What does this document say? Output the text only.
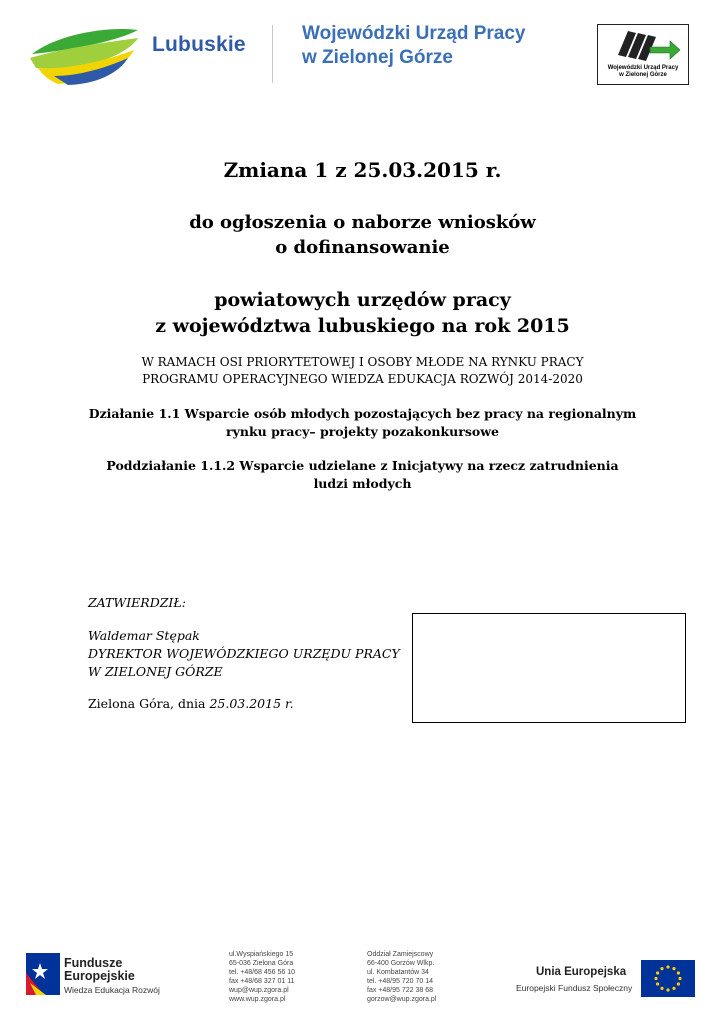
Lubuskie	Wojewódzki Urząd Pracy
w Zielonej Górze	Wojewódzki Urząd Pracy
w Zielonej Górze
Zmiana 1 z 25.03.2015 r.
do ogłoszenia o naborze wniosków
o dofinansowanie
powiatowych urzędów pracy
z województwa lubuskiego na rok 2015
W RAMACH OSI PRIORYTETOWEJ I OSOBY MŁODE NA RYNKU PRACY
PROGRAMU OPERACYJNEGO WIEDZA EDUKACJA ROZWÓJ 2014-2020
Działanie 1.1 Wsparcie osób młodych pozostających bez pracy na regionalnym
rynku pracy– projekty pozakonkursowe
Poddziałanie 1.1.2 Wsparcie udzielane z Inicjatywy na rzecz zatrudnienia
ludzi młodych
ZATWIERDZIŁ:
Waldemar Stępak
DYREKTOR WOJEWÓDZKIEGO URZĘDU PRACY
W ZIELONEJ GÓRZE
Zielona Góra, dnia 25.03.2015 r.
Fundusze
Europejskie
Wiedza Edukacja Rozwój
ul.Wyspiańskiego 15
65-036 Zielona Góra
tel. +48/68 456 56 10
fax +48/68 327 01 11
wup@wup.zgora.pl
www.wup.zgora.pl
Oddział Zamiejscowy
66-400 Gorzów Wlkp.
ul. Kombatantów 34
tel. +48/95 720 70 14
fax +48/95 722 38 68
gorzow@wup.zgora.pl
Unia Europejska
Europejski Fundusz Społeczny
